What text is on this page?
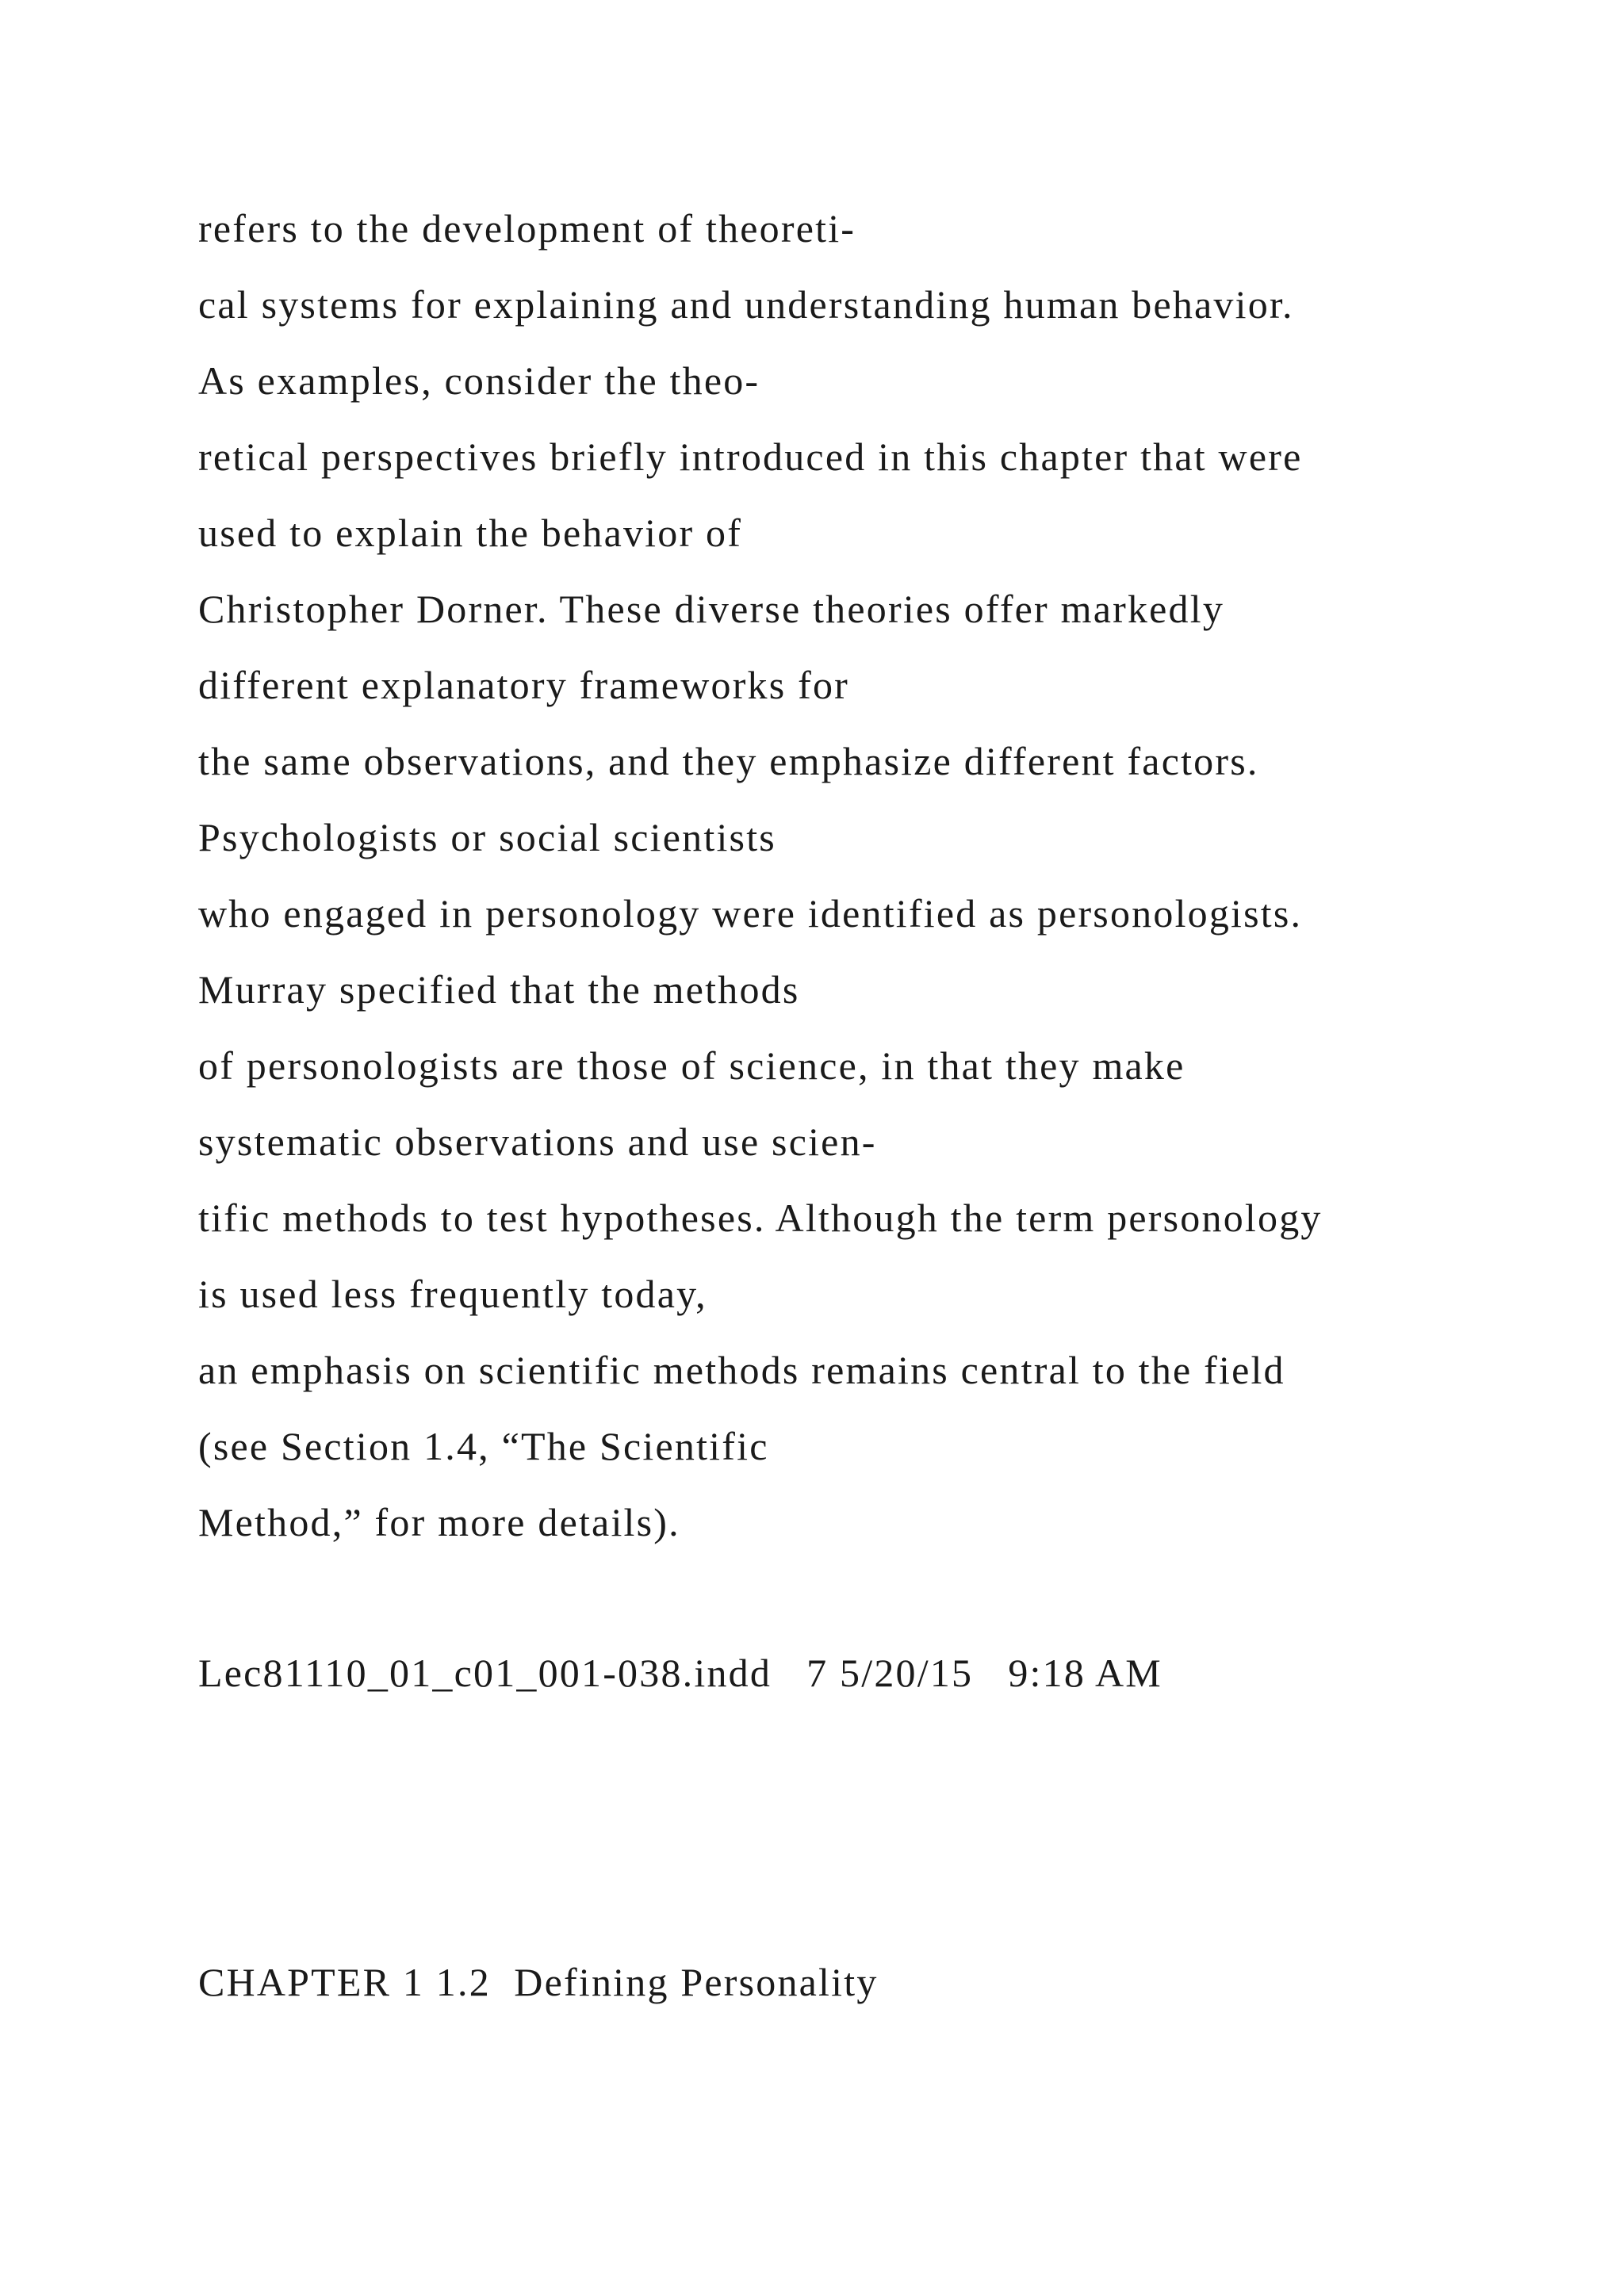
refers to the development of theoreti-
cal systems for explaining and understanding human behavior.
As examples, consider the theo-
retical perspectives briefly introduced in this chapter that were
used to explain the behavior of
Christopher Dorner. These diverse theories offer markedly
different explanatory frameworks for
the same observations, and they emphasize different factors.
Psychologists or social scientists
who engaged in personology were identified as personologists.
Murray specified that the methods
of personologists are those of science, in that they make
systematic observations and use scien-
tific methods to test hypotheses. Although the term personology
is used less frequently today,
an emphasis on scientific methods remains central to the field
(see Section 1.4, “The Scientific
Method,” for more details).
Lec81110_01_c01_001-038.indd   7 5/20/15   9:18 AM
CHAPTER 1 1.2  Defining Personality
